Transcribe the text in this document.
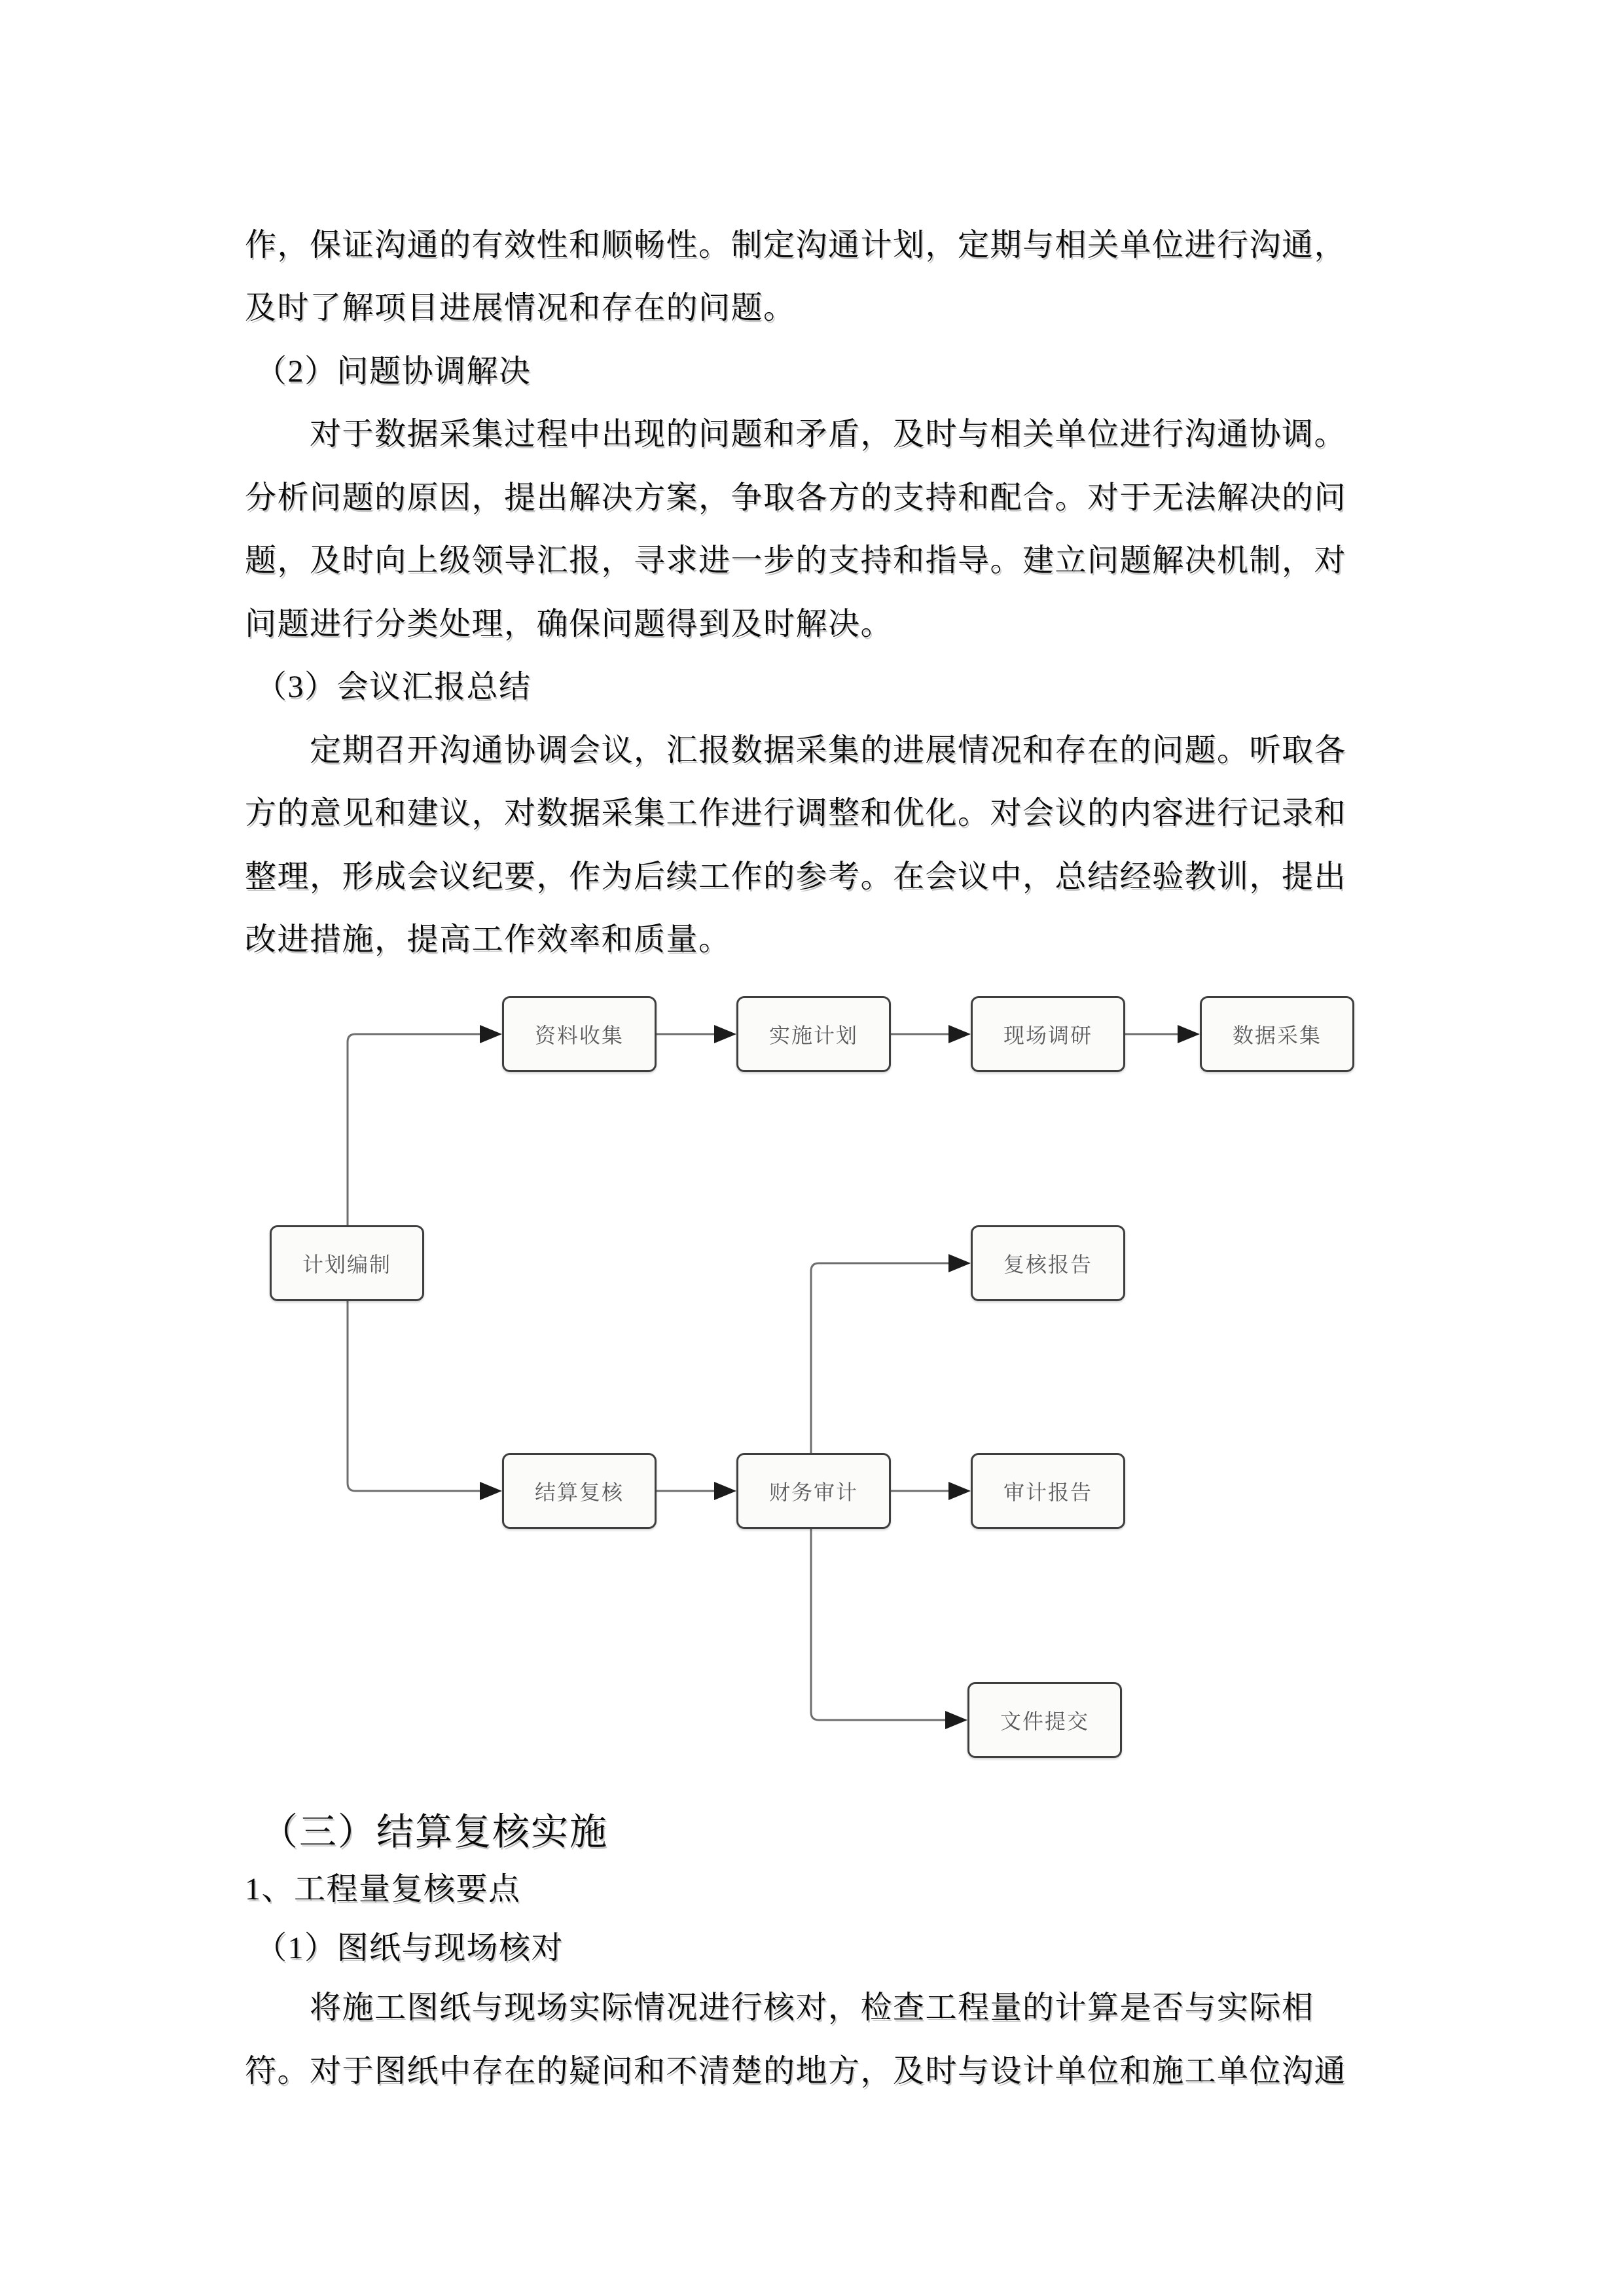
作，保证沟通的有效性和顺畅性。制定沟通计划，定期与相关单位进行沟通，
及时了解项目进展情况和存在的问题。
（2）问题协调解决
对于数据采集过程中出现的问题和矛盾，及时与相关单位进行沟通协调。
分析问题的原因，提出解决方案，争取各方的支持和配合。对于无法解决的问
题，及时向上级领导汇报，寻求进一步的支持和指导。建立问题解决机制，对
问题进行分类处理，确保问题得到及时解决。
（3）会议汇报总结
定期召开沟通协调会议，汇报数据采集的进展情况和存在的问题。听取各
方的意见和建议，对数据采集工作进行调整和优化。对会议的内容进行记录和
整理，形成会议纪要，作为后续工作的参考。在会议中，总结经验教训，提出
改进措施，提高工作效率和质量。
（三）结算复核实施
1、工程量复核要点
（1）图纸与现场核对
将施工图纸与现场实际情况进行核对，检查工程量的计算是否与实际相
符。对于图纸中存在的疑问和不清楚的地方，及时与设计单位和施工单位沟通
计划编制
资料收集	实施计划	现场调研	数据采集
复核报告
结算复核	财务审计	审计报告
文件提交
